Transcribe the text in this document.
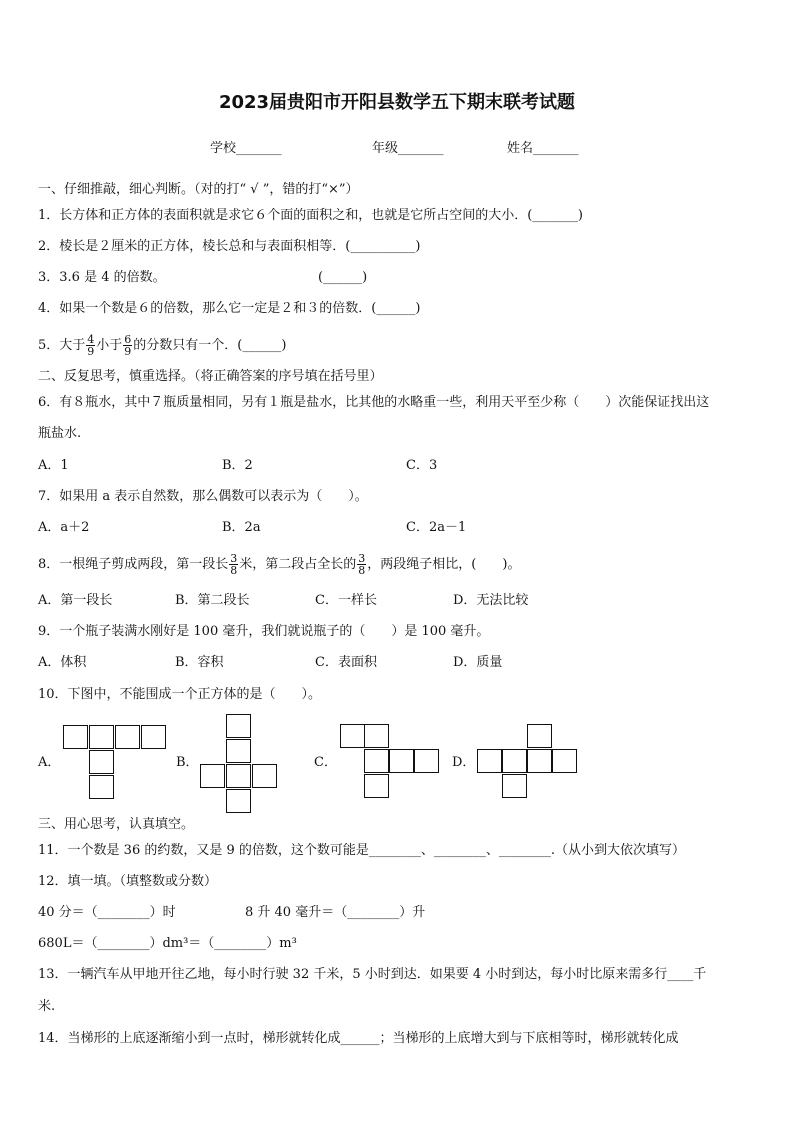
2023届贵阳市开阳县数学五下期末联考试题
学校_______	年级_______	姓名_______
一、仔细推敲，细心判断。（对的打“ √ ”，错的打“×”）
1．长方体和正方体的表面积就是求它６个面的面积之和，也就是它所占空间的大小．(_______)
2．棱长是２厘米的正方体，棱长总和与表面积相等．(__________)
3．3.6 是 4 的倍数。	(______)
4．如果一个数是６的倍数，那么它一定是２和３的倍数．(______)
5．大于 $\frac{4}{9}$ 小于 $\frac{6}{9}$ 的分数只有一个．(______)
二、反复思考，慎重选择。（将正确答案的序号填在括号里）
6．有８瓶水，其中７瓶质量相同，另有１瓶是盐水，比其他的水略重一些，利用天平至少称（　　）次能保证找出这
瓶盐水.
A．1	B．2	C．3
7．如果用 a 表示自然数，那么偶数可以表示为（　　）。
A．a＋2	B．2a	C．2a－1
8．一根绳子剪成两段，第一段长 $\frac{3}{8}$ 米，第二段占全长的 $\frac{3}{8}$ ，两段绳子相比，(　　)。
A．第一段长	B．第二段长	C．一样长	D．无法比较
9．一个瓶子装满水刚好是 100 毫升，我们就说瓶子的（　　）是 100 毫升。
A．体积	B．容积	C．表面积	D．质量
10．下图中，不能围成一个正方体的是（　　）。
A．	B．	C．	D．
三、用心思考，认真填空。
11．一个数是 36 的约数，又是 9 的倍数，这个数可能是________、________、________.（从小到大依次填写）
12．填一填。（填整数或分数）
40 分＝（________）时	8 升 40 毫升＝（________）升
680L＝（________）dm³＝（________）m³
13．一辆汽车从甲地开往乙地，每小时行驶 32 千米，5 小时到达．如果要 4 小时到达，每小时比原来需多行____千
米.
14．当梯形的上底逐渐缩小到一点时，梯形就转化成______；当梯形的上底增大到与下底相等时，梯形就转化成
